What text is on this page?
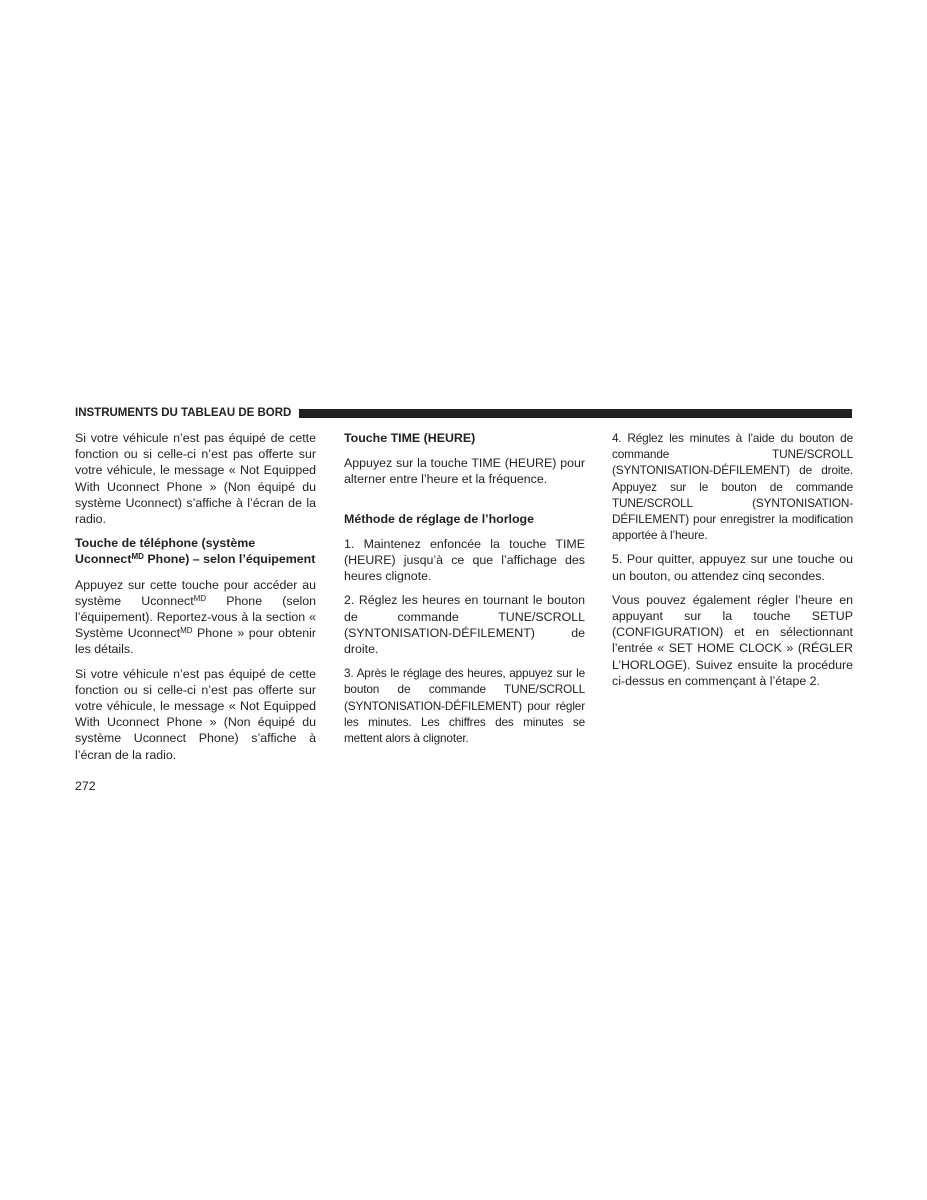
INSTRUMENTS DU TABLEAU DE BORD

Si votre véhicule n’est pas équipé de cette fonction ou si celle-ci n’est pas offerte sur votre véhicule, le message « Not Equipped With Uconnect Phone » (Non équipé du système Uconnect) s’affiche à l’écran de la radio.

Touche de téléphone (système Uconnect$^{MD}$ Phone) – selon l’équipement

Appuyez sur cette touche pour accéder au système Uconnect$^{MD}$ Phone (selon l’équipement). Reportez-vous à la section « Système Uconnect$^{MD}$ Phone » pour obtenir les détails.

Si votre véhicule n’est pas équipé de cette fonction ou si celle-ci n’est pas offerte sur votre véhicule, le message « Not Equipped With Uconnect Phone » (Non équipé du système Uconnect Phone) s’affiche à l’écran de la radio.

Touche TIME (HEURE)

Appuyez sur la touche TIME (HEURE) pour alterner entre l’heure et la fréquence.

Méthode de réglage de l’horloge

1. Maintenez enfoncée la touche TIME (HEURE) jusqu’à ce que l’affichage des heures clignote.

2. Réglez les heures en tournant le bouton de commande TUNE/SCROLL (SYNTONISATION-DÉFILEMENT) de droite.

3. Après le réglage des heures, appuyez sur le bouton de commande TUNE/SCROLL (SYNTONISATION-DÉFILEMENT) pour régler les minutes. Les chiffres des minutes se mettent alors à clignoter.

4. Réglez les minutes à l’aide du bouton de commande TUNE/SCROLL (SYNTONISATION-DÉFILEMENT) de droite. Appuyez sur le bouton de commande TUNE/SCROLL (SYNTONISATION-DÉFILEMENT) pour enregistrer la modification apportée à l’heure.

5. Pour quitter, appuyez sur une touche ou un bouton, ou attendez cinq secondes.

Vous pouvez également régler l’heure en appuyant sur la touche SETUP (CONFIGURATION) et en sélectionnant l’entrée « SET HOME CLOCK » (RÉGLER L’HORLOGE). Suivez ensuite la procédure ci-dessus en commençant à l’étape 2.

272
